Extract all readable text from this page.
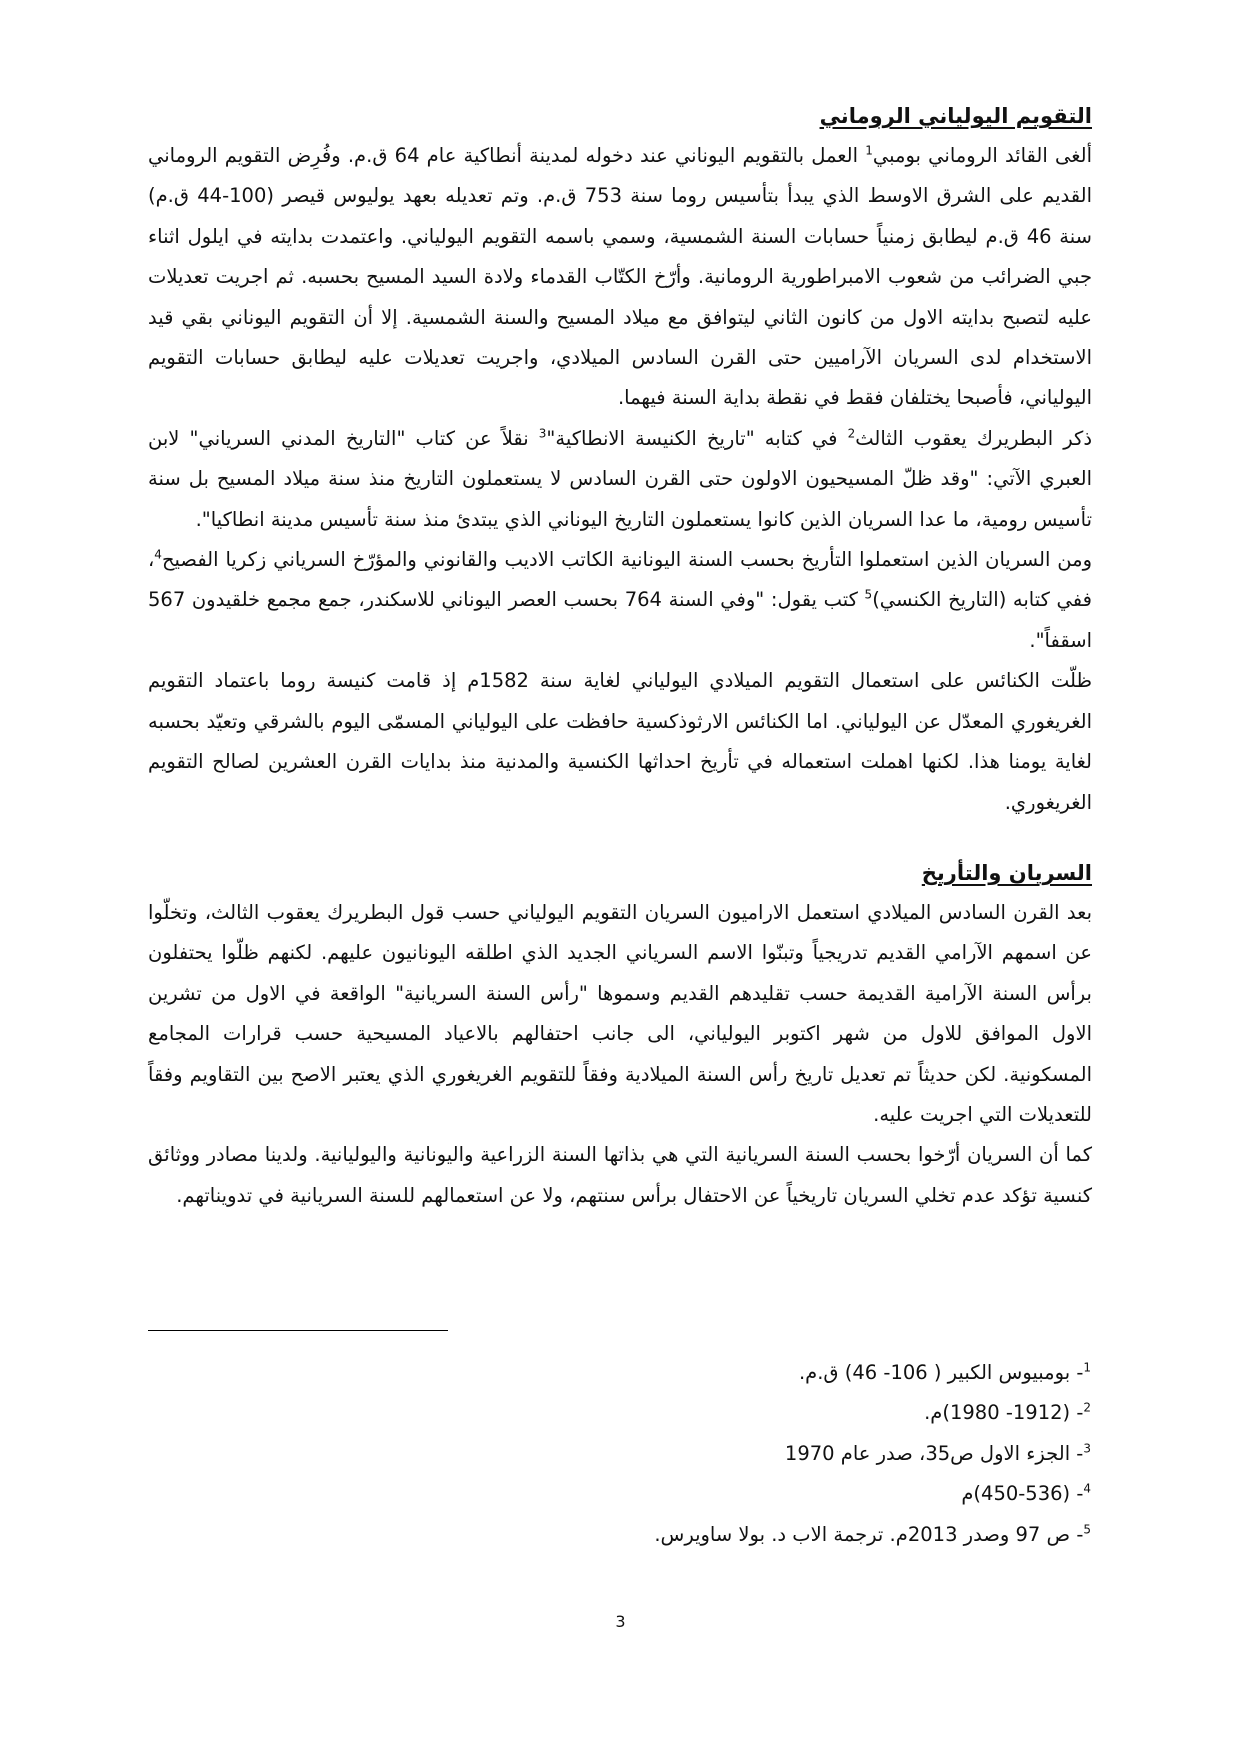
التقويم اليولياني الروماني

ألغى القائد الروماني بومبي$^1$ العمل بالتقويم اليوناني عند دخوله لمدينة أنطاكية عام 64 ق.م. وفُرِض التقويم الروماني القديم على الشرق الاوسط الذي يبدأ بتأسيس روما سنة 753 ق.م. وتم تعديله بعهد يوليوس قيصر (100-44 ق.م) سنة 46 ق.م ليطابق زمنياً حسابات السنة الشمسية، وسمي باسمه التقويم اليولياني. واعتمدت بدايته في ايلول اثناء جبي الضرائب من شعوب الامبراطورية الرومانية. وأرّخ الكتّاب القدماء ولادة السيد المسيح بحسبه. ثم اجريت تعديلات عليه لتصبح بدايته الاول من كانون الثاني ليتوافق مع ميلاد المسيح والسنة الشمسية. إلا أن التقويم اليوناني بقي قيد الاستخدام لدى السريان الآراميين حتى القرن السادس الميلادي، واجريت تعديلات عليه ليطابق حسابات التقويم اليولياني، فأصبحا يختلفان فقط في نقطة بداية السنة فيهما.

ذكر البطريرك يعقوب الثالث$^2$ في كتابه "تاريخ الكنيسة الانطاكية"$^3$ نقلاً عن كتاب "التاريخ المدني السرياني" لابن العبري الآتي: "وقد ظلّ المسيحيون الاولون حتى القرن السادس لا يستعملون التاريخ منذ سنة ميلاد المسيح بل سنة تأسيس رومية، ما عدا السريان الذين كانوا يستعملون التاريخ اليوناني الذي يبتدئ منذ سنة تأسيس مدينة انطاكيا".

ومن السريان الذين استعملوا التأريخ بحسب السنة اليونانية الكاتب الاديب والقانوني والمؤرّخ السرياني زكريا الفصيح$^4$، ففي كتابه (التاريخ الكنسي)$^5$ كتب يقول: "وفي السنة 764 بحسب العصر اليوناني للاسكندر، جمع مجمع خلقيدون 567 اسقفاً".

ظلّت الكنائس على استعمال التقويم الميلادي اليولياني لغاية سنة 1582م إذ قامت كنيسة روما باعتماد التقويم الغريغوري المعدّل عن اليولياني. اما الكنائس الارثوذكسية حافظت على اليولياني المسمّى اليوم بالشرقي وتعيّد بحسبه لغاية يومنا هذا. لكنها اهملت استعماله في تأريخ احداثها الكنسية والمدنية منذ بدايات القرن العشرين لصالح التقويم الغريغوري.

السريان والتأريخ

بعد القرن السادس الميلادي استعمل الاراميون السريان التقويم اليولياني حسب قول البطريرك يعقوب الثالث، وتخلّوا عن اسمهم الآرامي القديم تدريجياً وتبنّوا الاسم السرياني الجديد الذي اطلقه اليونانيون عليهم. لكنهم ظلّوا يحتفلون برأس السنة الآرامية القديمة حسب تقليدهم القديم وسموها "رأس السنة السريانية" الواقعة في الاول من تشرين الاول الموافق للاول من شهر اكتوبر اليولياني، الى جانب احتفالهم بالاعياد المسيحية حسب قرارات المجامع المسكونية. لكن حديثاً تم تعديل تاريخ رأس السنة الميلادية وفقاً للتقويم الغريغوري الذي يعتبر الاصح بين التقاويم وفقاً للتعديلات التي اجريت عليه.

كما أن السريان أرّخوا بحسب السنة السريانية التي هي بذاتها السنة الزراعية واليونانية واليوليانية. ولدينا مصادر ووثائق كنسية تؤكد عدم تخلي السريان تاريخياً عن الاحتفال برأس سنتهم، ولا عن استعمالهم للسنة السريانية في تدويناتهم.

$^1$- بومبيوس الكبير ( 106- 46) ق.م.

$^2$- (1912- 1980)م.

$^3$- الجزء الاول ص35، صدر عام 1970

$^4$- (450-536)م

$^5$- ص 97 وصدر 2013م. ترجمة الاب د. بولا ساويرس.

3
